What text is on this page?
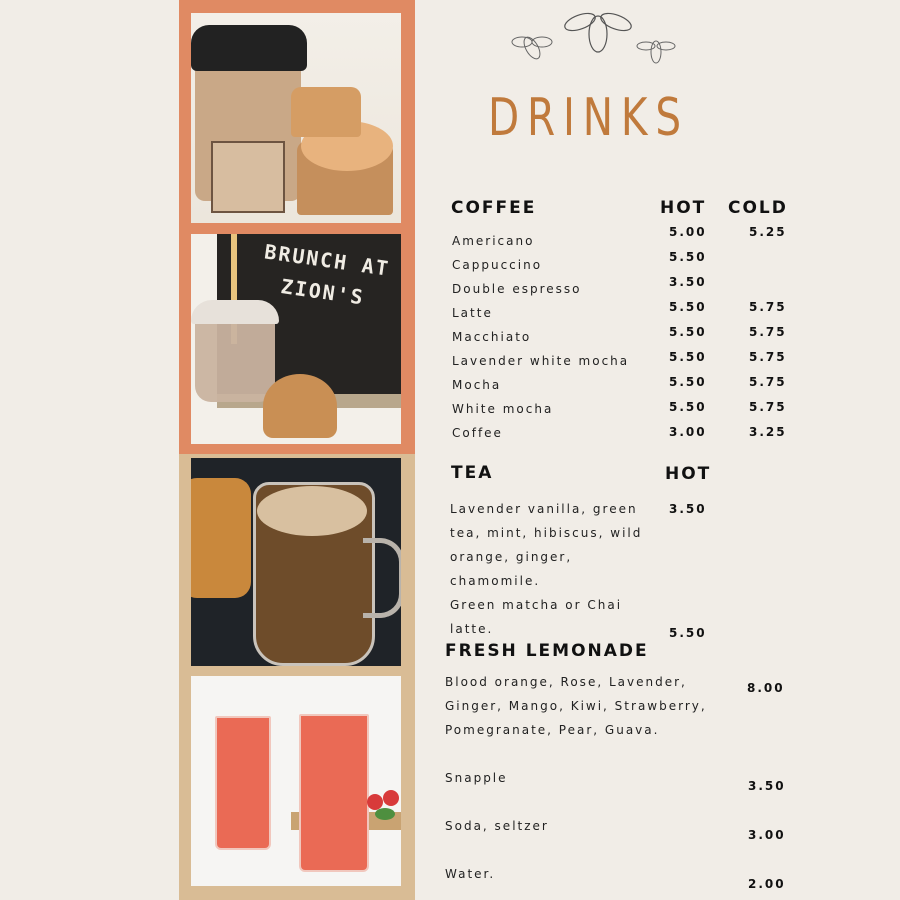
BRUNCH AT ZION'S
DRINKS
COFFEE	HOT COLD
Americano
Cappuccino
Double espresso
Latte
Macchiato
Lavender white mocha
Mocha
White mocha
Coffee
5.00
5.50
3.50
5.50
5.50
5.50
5.50
5.50
3.00
5.25
5.75
5.75
5.75
5.75
5.75
3.25
TEA	HOT
Lavender vanilla, green
tea, mint, hibiscus, wild
orange, ginger,
chamomile.
Green matcha or Chai
latte.
3.50
5.50
FRESH LEMONADE
Blood orange, Rose, Lavender,
Ginger, Mango, Kiwi, Strawberry,
Pomegranate, Pear, Guava.
8.00
Snapple
3.50
Soda, seltzer
3.00
Water.
2.00
